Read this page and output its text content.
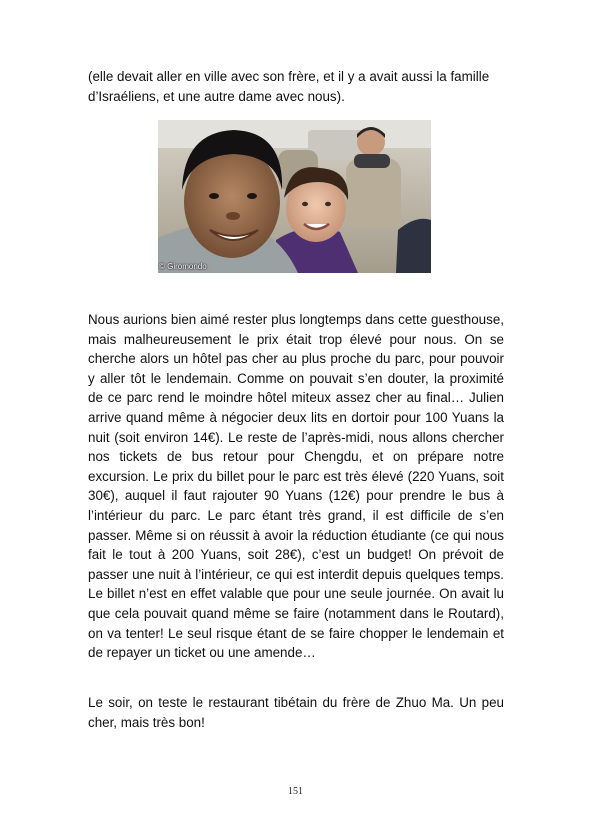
(elle devait aller en ville avec son frère, et il y a avait aussi la famille d’Israéliens, et une autre dame avec nous).

© Giromondo

Nous aurions bien aimé rester plus longtemps dans cette guesthouse, mais malheureusement le prix était trop élevé pour nous. On se cherche alors un hôtel pas cher au plus proche du parc, pour pouvoir y aller tôt le lendemain. Comme on pouvait s’en douter, la proximité de ce parc rend le moindre hôtel miteux assez cher au final… Julien arrive quand même à négocier deux lits en dortoir pour 100 Yuans la nuit (soit environ 14€). Le reste de l’après-midi, nous allons chercher nos tickets de bus retour pour Chengdu, et on prépare notre excursion. Le prix du billet pour le parc est très élevé (220 Yuans, soit 30€), auquel il faut rajouter 90 Yuans (12€) pour prendre le bus à l’intérieur du parc. Le parc étant très grand, il est difficile de s’en passer. Même si on réussit à avoir la réduction étudiante (ce qui nous fait le tout à 200 Yuans, soit 28€), c’est un budget! On prévoit de passer une nuit à l’intérieur, ce qui est interdit depuis quelques temps. Le billet n’est en effet valable que pour une seule journée. On avait lu que cela pouvait quand même se faire (notamment dans le Routard), on va tenter! Le seul risque étant de se faire chopper le lendemain et de repayer un ticket ou une amende…

Le soir, on teste le restaurant tibétain du frère de Zhuo Ma. Un peu cher, mais très bon!

151
